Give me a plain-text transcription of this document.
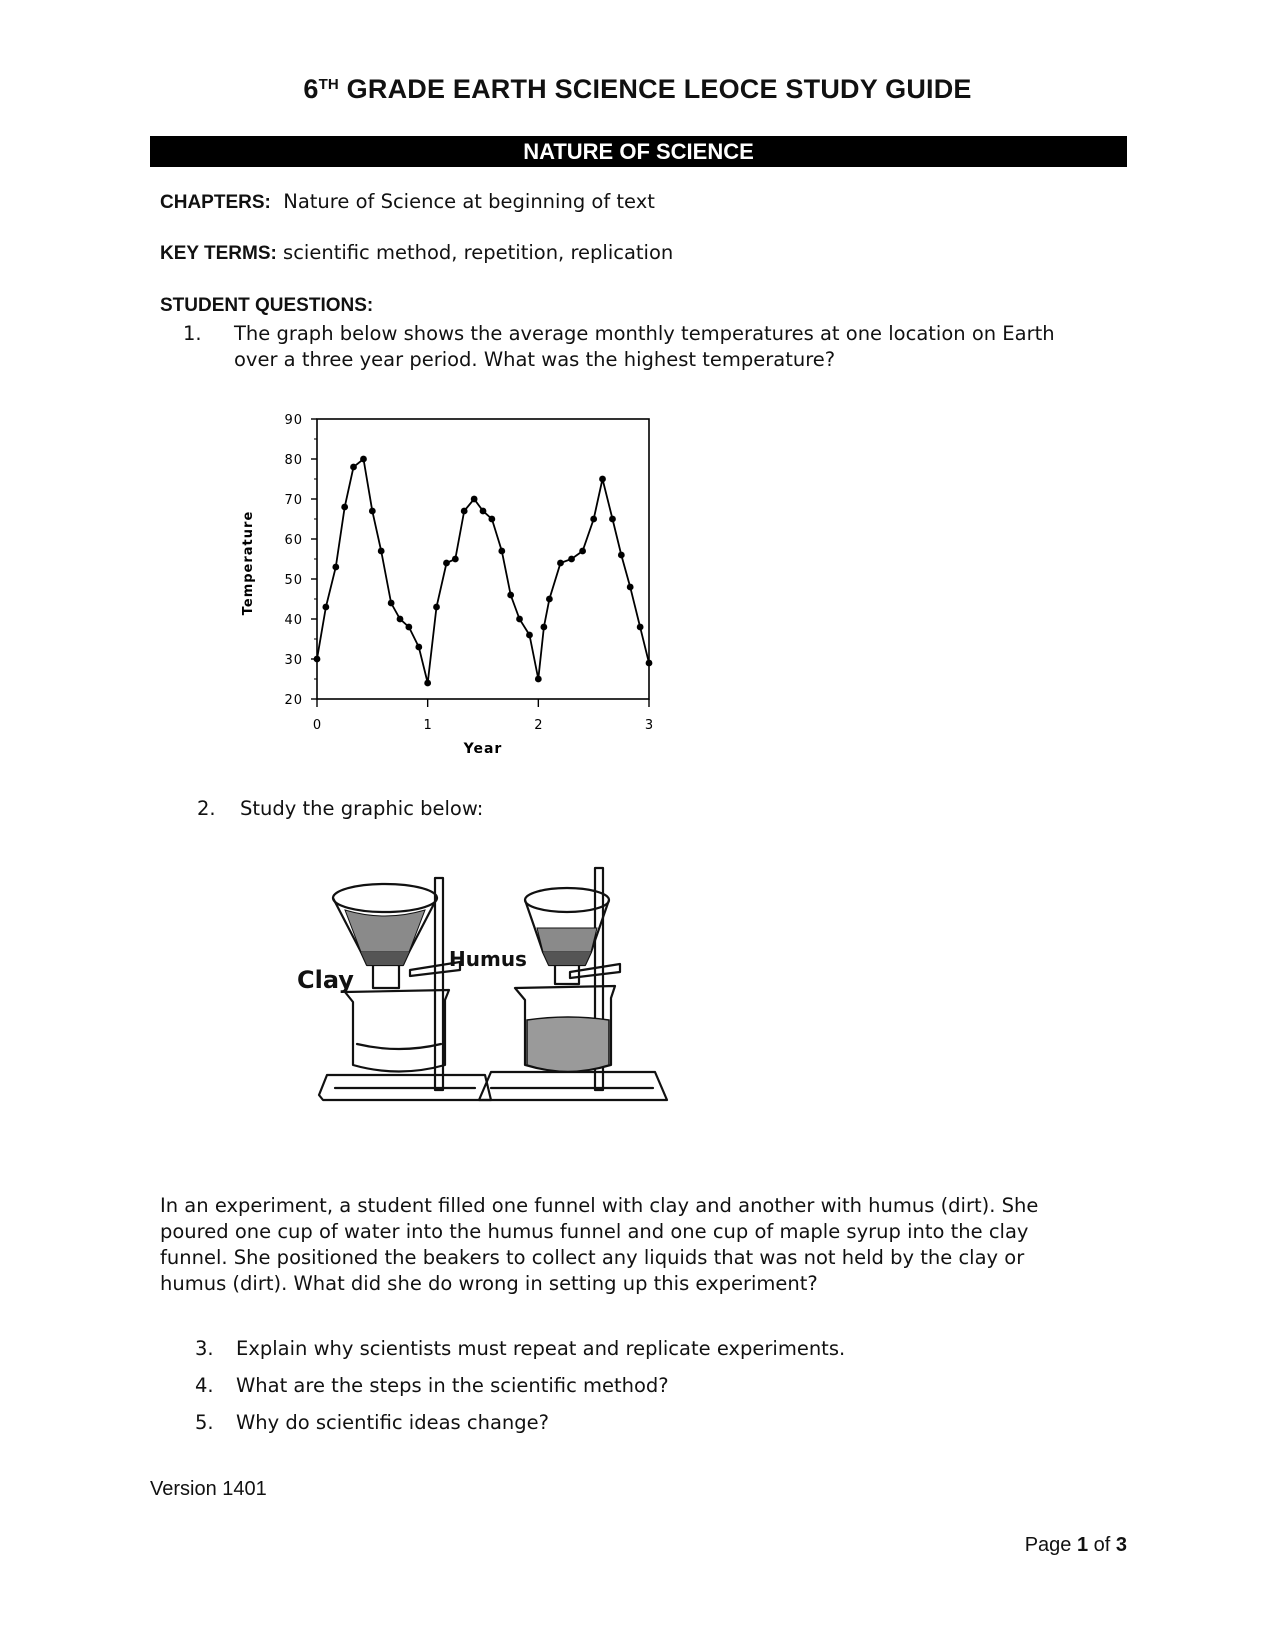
6TH GRADE EARTH SCIENCE LEOCE STUDY GUIDE
NATURE OF SCIENCE
CHAPTERS: Nature of Science at beginning of text
KEY TERMS: scientific method, repetition, replication
STUDENT QUESTIONS:
1. The graph below shows the average monthly temperatures at one location on Earth
over a three year period. What was the highest temperature?
20
30
40
50
60
70
80
90
0	1	2	3
Temperature
Year
2. Study the graphic below:
Clay
Humus
In an experiment, a student filled one funnel with clay and another with humus (dirt). She
poured one cup of water into the humus funnel and one cup of maple syrup into the clay
funnel. She positioned the beakers to collect any liquids that was not held by the clay or
humus (dirt). What did she do wrong in setting up this experiment?
3. Explain why scientists must repeat and replicate experiments.
4. What are the steps in the scientific method?
5. Why do scientific ideas change?
Version 1401
Page 1 of 3
